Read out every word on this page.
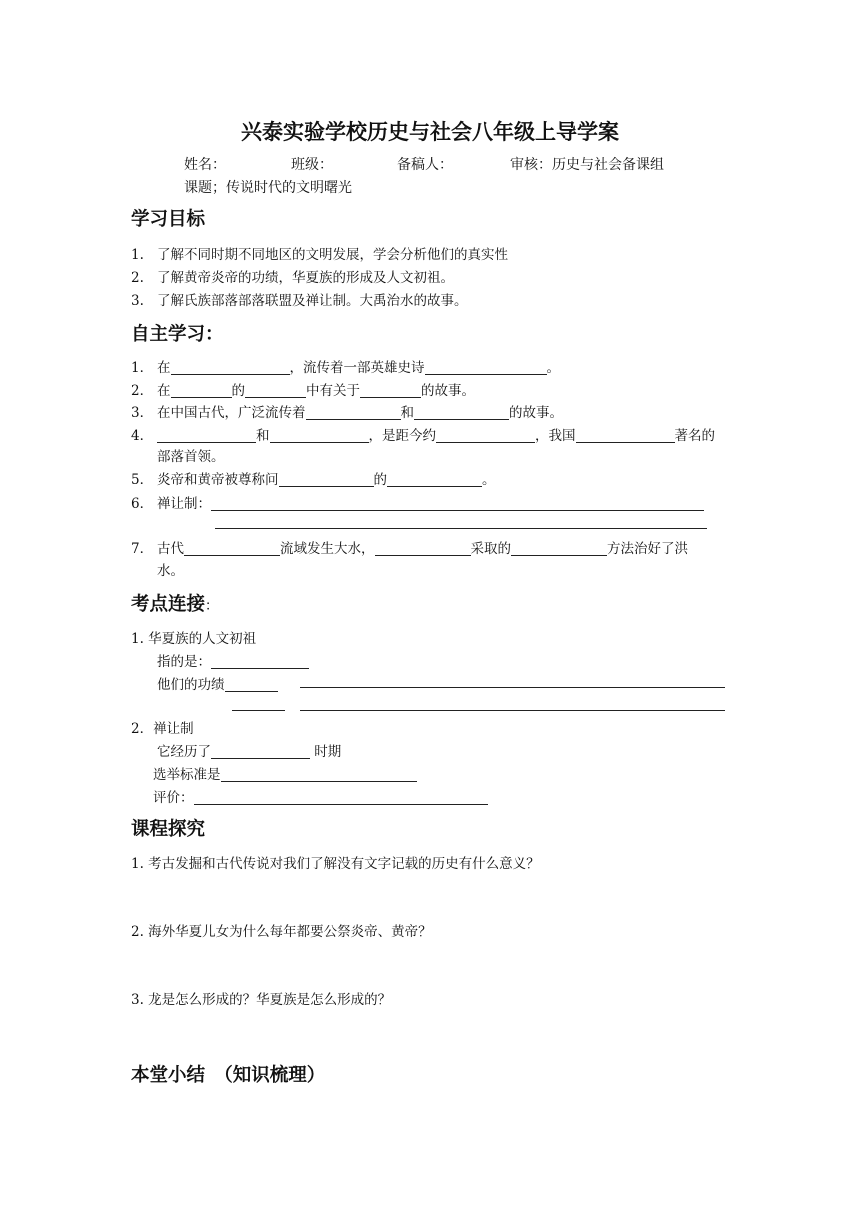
兴泰实验学校历史与社会八年级上导学案
姓名：	班级：	备稿人：	审核：历史与社会备课组
课题；传说时代的文明曙光
学习目标
1. 了解不同时期不同地区的文明发展，学会分析他们的真实性
2. 了解黄帝炎帝的功绩，华夏族的形成及人文初祖。
3. 了解氏族部落部落联盟及禅让制。大禹治水的故事。
自主学习：
1． 在	，流传着一部英雄史诗	。
2． 在	的	中有关于	的故事。
3． 在中国古代，广泛流传着	和	的故事。
4．	和	，是距今约	，我国	著名的
部落首领。
5． 炎帝和黄帝被尊称问	的	。
6． 禅让制：
7． 古代	流域发生大水，	采取的	方法治好了洪
水。
考点连接：
1. 华夏族的人文初祖
指的是：
他们的功绩
2．禅让制
它经历了	时期
选举标准是
评价：
课程探究
1. 考古发掘和古代传说对我们了解没有文字记载的历史有什么意义？
2. 海外华夏儿女为什么每年都要公祭炎帝、黄帝？
3. 龙是怎么形成的？华夏族是怎么形成的？
本堂小结　（知识梳理）
